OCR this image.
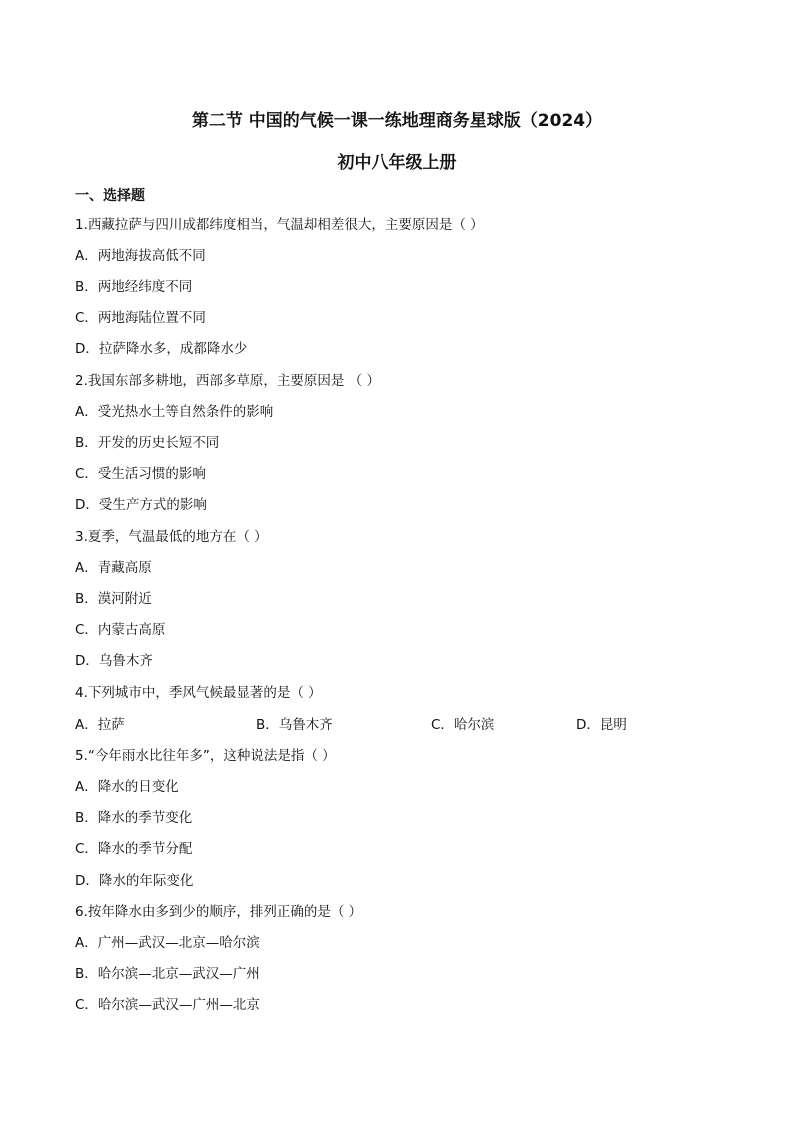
第二节 中国的气候一课一练地理商务星球版（2024）
初中八年级上册
一、选择题
1.西藏拉萨与四川成都纬度相当，气温却相差很大，主要原因是（ ）
A．两地海拔高低不同
B．两地经纬度不同
C．两地海陆位置不同
D．拉萨降水多，成都降水少
2.我国东部多耕地，西部多草原，主要原因是 （ ）
A．受光热水土等自然条件的影响
B．开发的历史长短不同
C．受生活习惯的影响
D．受生产方式的影响
3.夏季，气温最低的地方在（ ）
A．青藏高原
B．漠河附近
C．内蒙古高原
D．乌鲁木齐
4.下列城市中，季风气候最显著的是（ ）
A．拉萨	B．乌鲁木齐	C．哈尔滨	D．昆明
5.“今年雨水比往年多”，这种说法是指（ ）
A．降水的日变化
B．降水的季节变化
C．降水的季节分配
D．降水的年际变化
6.按年降水由多到少的顺序，排列正确的是（ ）
A．广州—武汉—北京—哈尔滨
B．哈尔滨—北京—武汉—广州
C．哈尔滨—武汉—广州—北京
